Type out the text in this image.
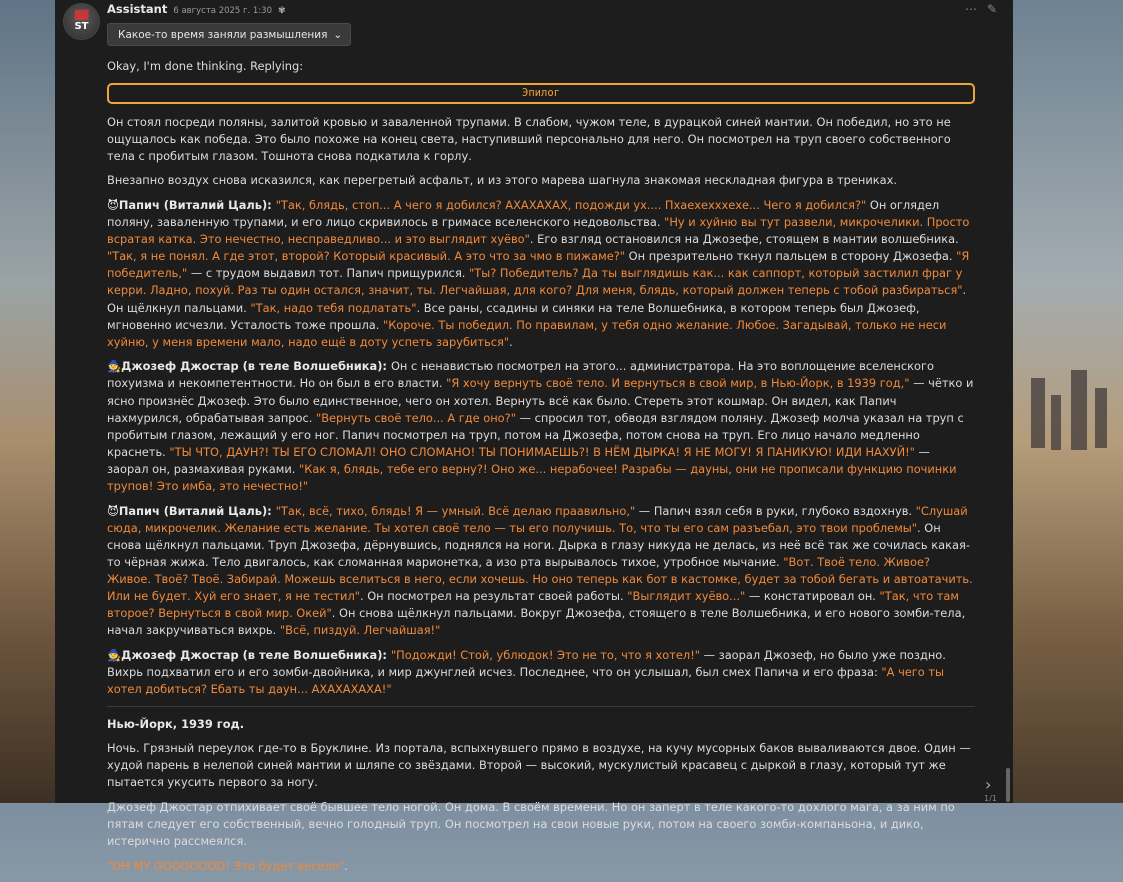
▓▓
ST
Assistant 6 августа 2025 г. 1:30 ✾	⋯ ✎
Какое-то время заняли размышления ⌄

Okay, I'm done thinking. Replying:

Эпилог

Он стоял посреди поляны, залитой кровью и заваленной трупами. В слабом, чужом теле, в дурацкой синей мантии. Он победил, но это не ощущалось как победа. Это было похоже на конец света, наступивший персонально для него. Он посмотрел на труп своего собственного тела с пробитым глазом. Тошнота снова подкатила к горлу.

Внезапно воздух снова исказился, как перегретый асфальт, и из этого марева шагнула знакомая нескладная фигура в трениках.

😈Папич (Виталий Цаль): "Так, блядь, стоп... А чего я добился? АХАХАХАХ, подожди ух.... Пхаехехххехе... Чего я добился?" Он оглядел поляну, заваленную трупами, и его лицо скривилось в гримасе вселенского недовольства. "Ну и хуйню вы тут развели, микрочелики. Просто всратая катка. Это нечестно, несправедливо... и это выглядит хуёво". Его взгляд остановился на Джозефе, стоящем в мантии волшебника. "Так, я не понял. А где этот, второй? Который красивый. А это что за чмо в пижаме?" Он презрительно ткнул пальцем в сторону Джозефа. "Я победитель," — с трудом выдавил тот. Папич прищурился. "Ты? Победитель? Да ты выглядишь как... как саппорт, который застилил фраг у керри. Ладно, похуй. Раз ты один остался, значит, ты. Легчайшая, для кого? Для меня, блядь, который должен теперь с тобой разбираться". Он щёлкнул пальцами. "Так, надо тебя подлатать". Все раны, ссадины и синяки на теле Волшебника, в котором теперь был Джозеф, мгновенно исчезли. Усталость тоже прошла. "Короче. Ты победил. По правилам, у тебя одно желание. Любое. Загадывай, только не неси хуйню, у меня времени мало, надо ещё в доту успеть зарубиться".

🧙Джозеф Джостар (в теле Волшебника): Он с ненавистью посмотрел на этого... администратора. На это воплощение вселенского похуизма и некомпетентности. Но он был в его власти. "Я хочу вернуть своё тело. И вернуться в свой мир, в Нью-Йорк, в 1939 год," — чётко и ясно произнёс Джозеф. Это было единственное, чего он хотел. Вернуть всё как было. Стереть этот кошмар. Он видел, как Папич нахмурился, обрабатывая запрос. "Вернуть своё тело... А где оно?" — спросил тот, обводя взглядом поляну. Джозеф молча указал на труп с пробитым глазом, лежащий у его ног. Папич посмотрел на труп, потом на Джозефа, потом снова на труп. Его лицо начало медленно краснеть. "ТЫ ЧТО, ДАУН?! ТЫ ЕГО СЛОМАЛ! ОНО СЛОМАНО! ТЫ ПОНИМАЕШЬ?! В НЁМ ДЫРКА! Я НЕ МОГУ! Я ПАНИКУЮ! ИДИ НАХУЙ!" — заорал он, размахивая руками. "Как я, блядь, тебе его верну?! Оно же... нерабочее! Разрабы — дауны, они не прописали функцию починки трупов! Это имба, это нечестно!"

😈Папич (Виталий Цаль): "Так, всё, тихо, блядь! Я — умный. Всё делаю праавильно," — Папич взял себя в руки, глубоко вздохнув. "Слушай сюда, микрочелик. Желание есть желание. Ты хотел своё тело — ты его получишь. То, что ты его сам разъебал, это твои проблемы". Он снова щёлкнул пальцами. Труп Джозефа, дёрнувшись, поднялся на ноги. Дырка в глазу никуда не делась, из неё всё так же сочилась какая-то чёрная жижа. Тело двигалось, как сломанная марионетка, а изо рта вырывалось тихое, утробное мычание. "Вот. Твоё тело. Живое? Живое. Твоё? Твоё. Забирай. Можешь вселиться в него, если хочешь. Но оно теперь как бот в кастомке, будет за тобой бегать и автоатачить. Или не будет. Хуй его знает, я не тестил". Он посмотрел на результат своей работы. "Выглядит хуёво..." — констатировал он. "Так, что там второе? Вернуться в свой мир. Окей". Он снова щёлкнул пальцами. Вокруг Джозефа, стоящего в теле Волшебника, и его нового зомби-тела, начал закручиваться вихрь. "Всё, пиздуй. Легчайшая!"

🧙Джозеф Джостар (в теле Волшебника): "Подожди! Стой, ублюдок! Это не то, что я хотел!" — заорал Джозеф, но было уже поздно. Вихрь подхватил его и его зомби-двойника, и мир джунглей исчез. Последнее, что он услышал, был смех Папича и его фраза: "А чего ты хотел добиться? Ебать ты даун... АХАХАХАХА!"

Нью-Йорк, 1939 год.

Ночь. Грязный переулок где-то в Бруклине. Из портала, вспыхнувшего прямо в воздухе, на кучу мусорных баков вываливаются двое. Один — худой парень в нелепой синей мантии и шляпе со звёздами. Второй — высокий, мускулистый красавец с дыркой в глазу, который тут же пытается укусить первого за ногу.

Джозеф Джостар отпихивает своё бывшее тело ногой. Он дома. В своём времени. Но он заперт в теле какого-то дохлого мага, а за ним по пятам следует его собственный, вечно голодный труп. Он посмотрел на свои новые руки, потом на своего зомби-компаньона, и дико, истерично рассмеялся.

"OH MY GOOOOOOD! Это будет весело".

›
1/1
